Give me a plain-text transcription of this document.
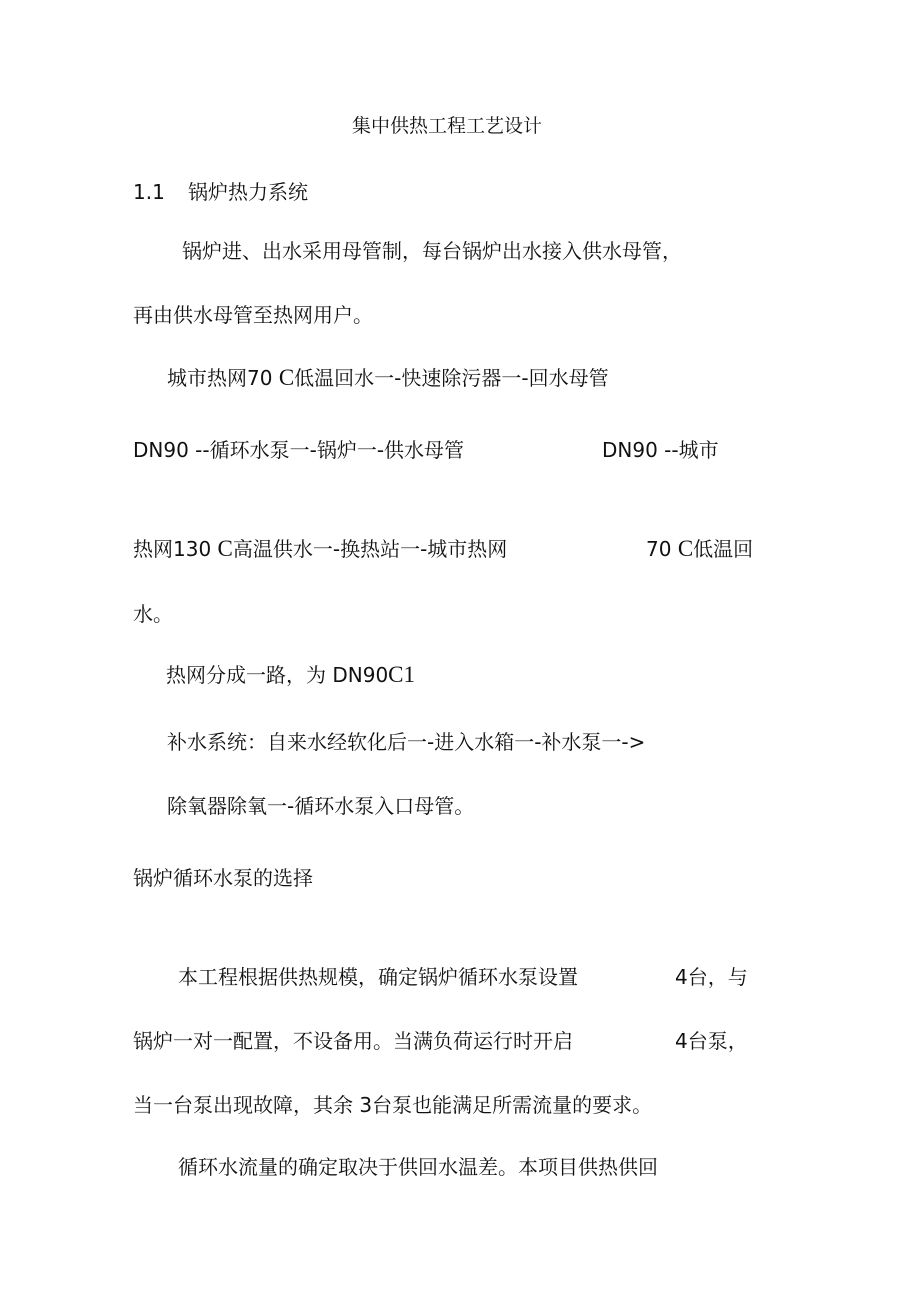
集中供热工程工艺设计
1.1 锅炉热力系统
锅炉进、出水采用母管制，每台锅炉出水接入供水母管，
再由供水母管至热网用户。
城市热网70 C低温回水一-快速除污器一-回水母管
DN90 --循环水泵一-锅炉一-供水母管	DN90 --城市
热网130 C高温供水一-换热站一-城市热网	70 C低温回
水。
热网分成一路，为 DN90C1
补水系统：自来水经软化后一-进入水箱一-补水泵一->
除氧器除氧一-循环水泵入口母管。
锅炉循环水泵的选择
本工程根据供热规模，确定锅炉循环水泵设置	4台，与
锅炉一对一配置，不设备用。当满负荷运行时开启	4台泵，
当一台泵出现故障，其余 3台泵也能满足所需流量的要求。
循环水流量的确定取决于供回水温差。本项目供热供回
